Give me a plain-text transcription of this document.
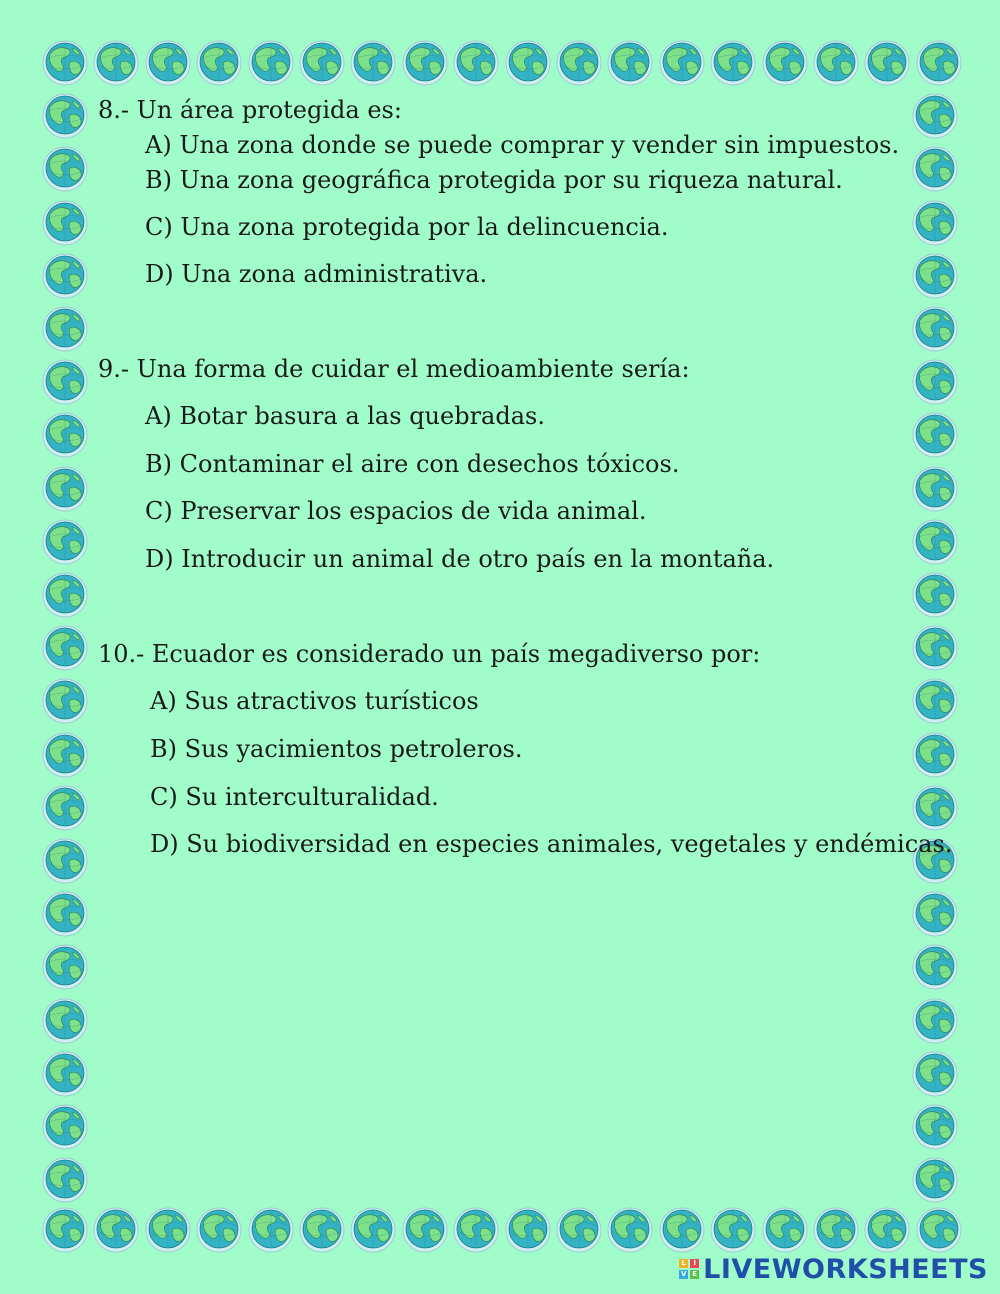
8.- Un área protegida es:
A) Una zona donde se puede comprar y vender sin impuestos.
B) Una zona geográfica protegida por su riqueza natural.
C) Una zona protegida por la delincuencia.
D) Una zona administrativa.
9.- Una forma de cuidar el medioambiente sería:
A) Botar basura a las quebradas.
B) Contaminar el aire con desechos tóxicos.
C) Preservar los espacios de vida animal.
D) Introducir un animal de otro país en la montaña.
10.- Ecuador es considerado un país megadiverso por:
A) Sus atractivos turísticos
B) Sus yacimientos petroleros.
C) Su interculturalidad.
D) Su biodiversidad en especies animales, vegetales y endémicas.
L	I
V E LIVEWORKSHEETS
